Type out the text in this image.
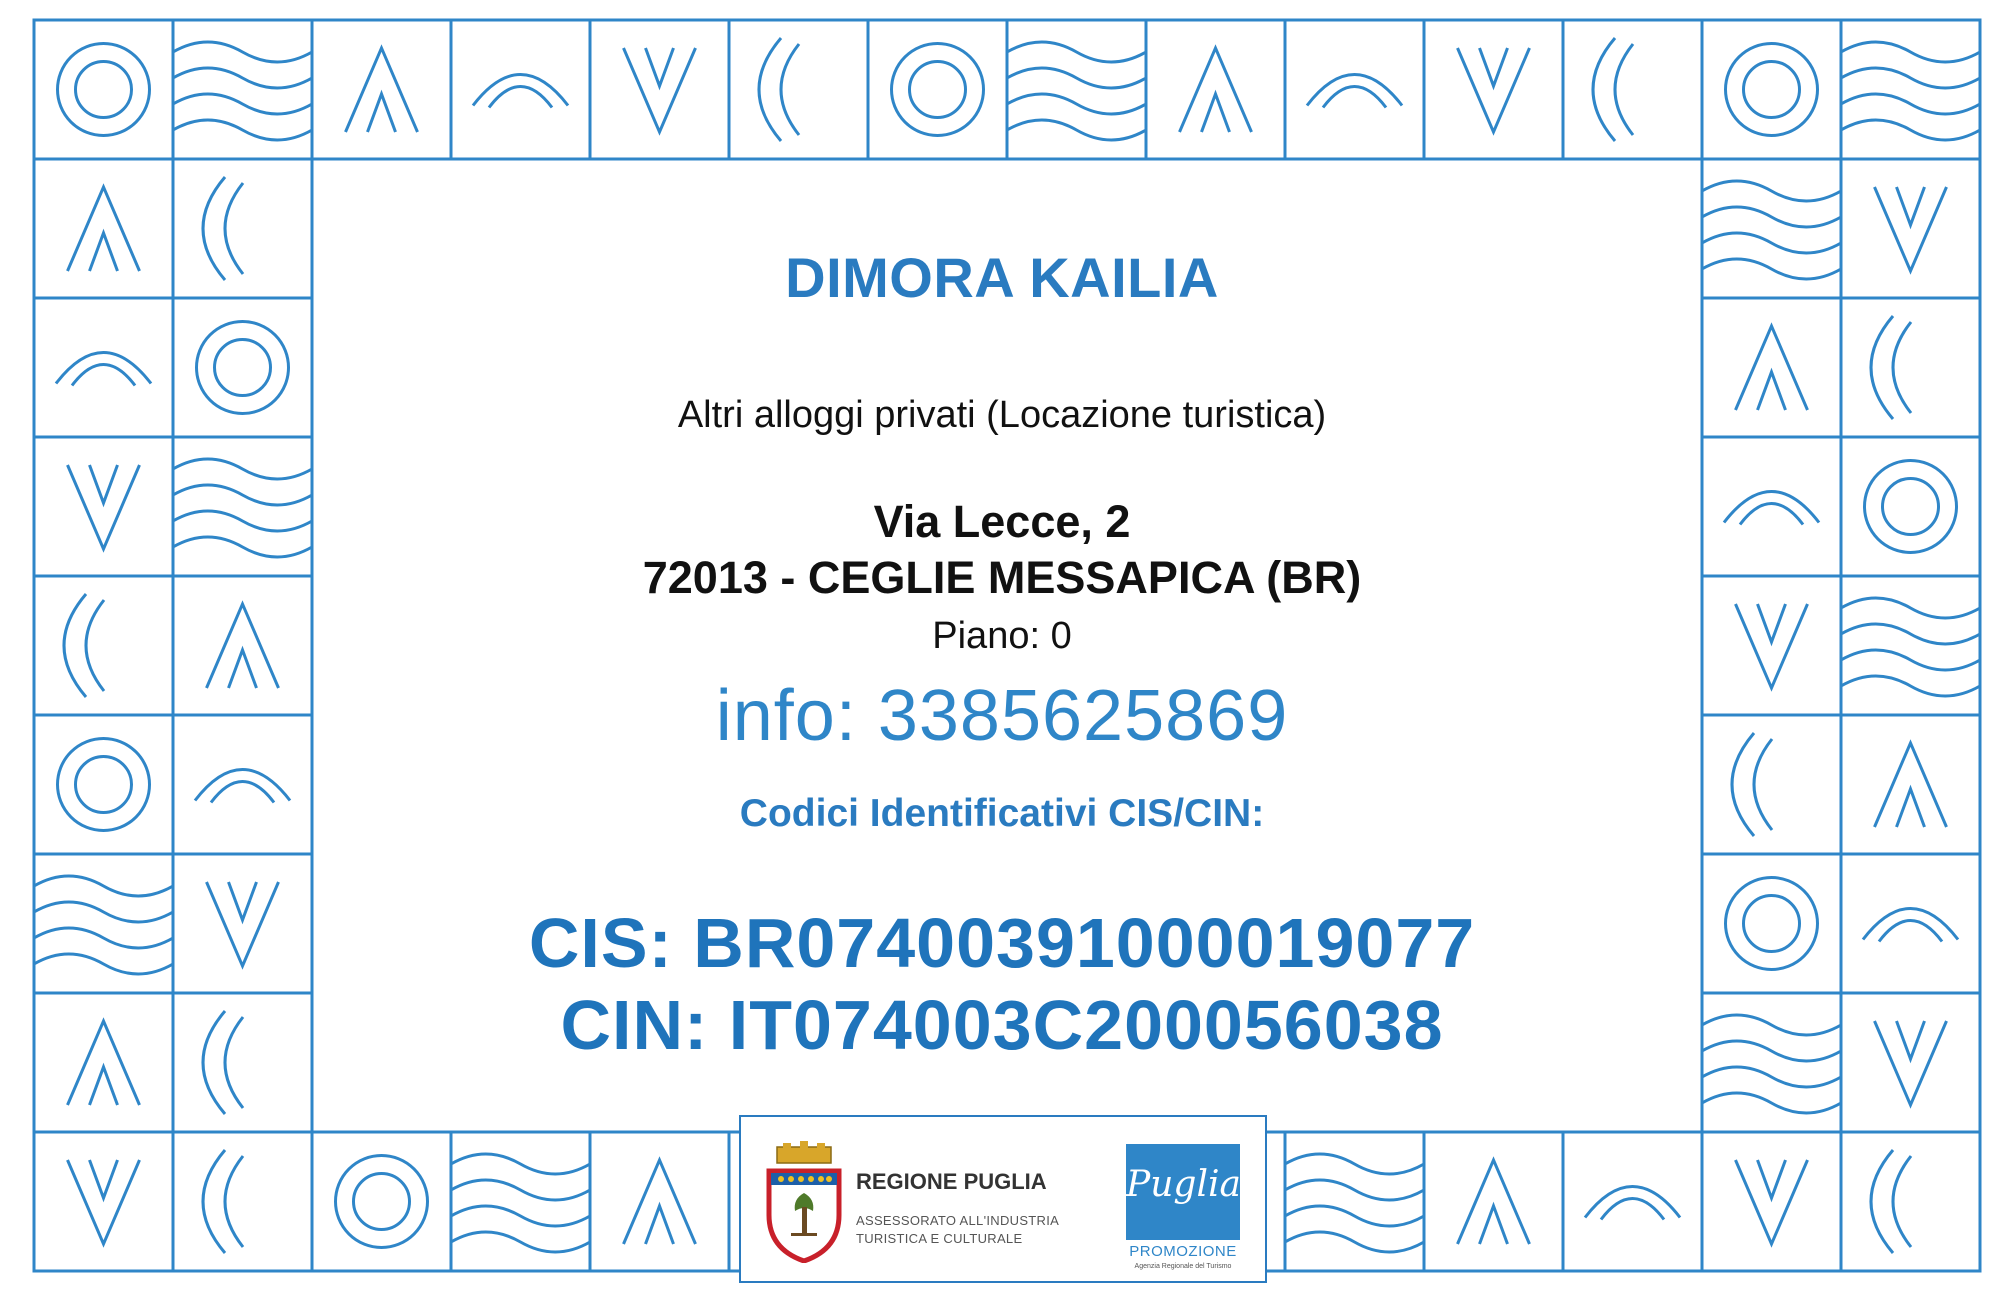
DIMORA KAILIA
Altri alloggi privati (Locazione turistica)
Via Lecce, 2
72013 - CEGLIE MESSAPICA (BR)
Piano: 0
info: 3385625869
Codici Identificativi CIS/CIN:
CIS: BR07400391000019077
CIN: IT074003C200056038
REGIONE PUGLIA
ASSESSORATO ALL'INDUSTRIA
TURISTICA E CULTURALE
Puglia
PROMOZIONE
Agenzia Regionale del Turismo
